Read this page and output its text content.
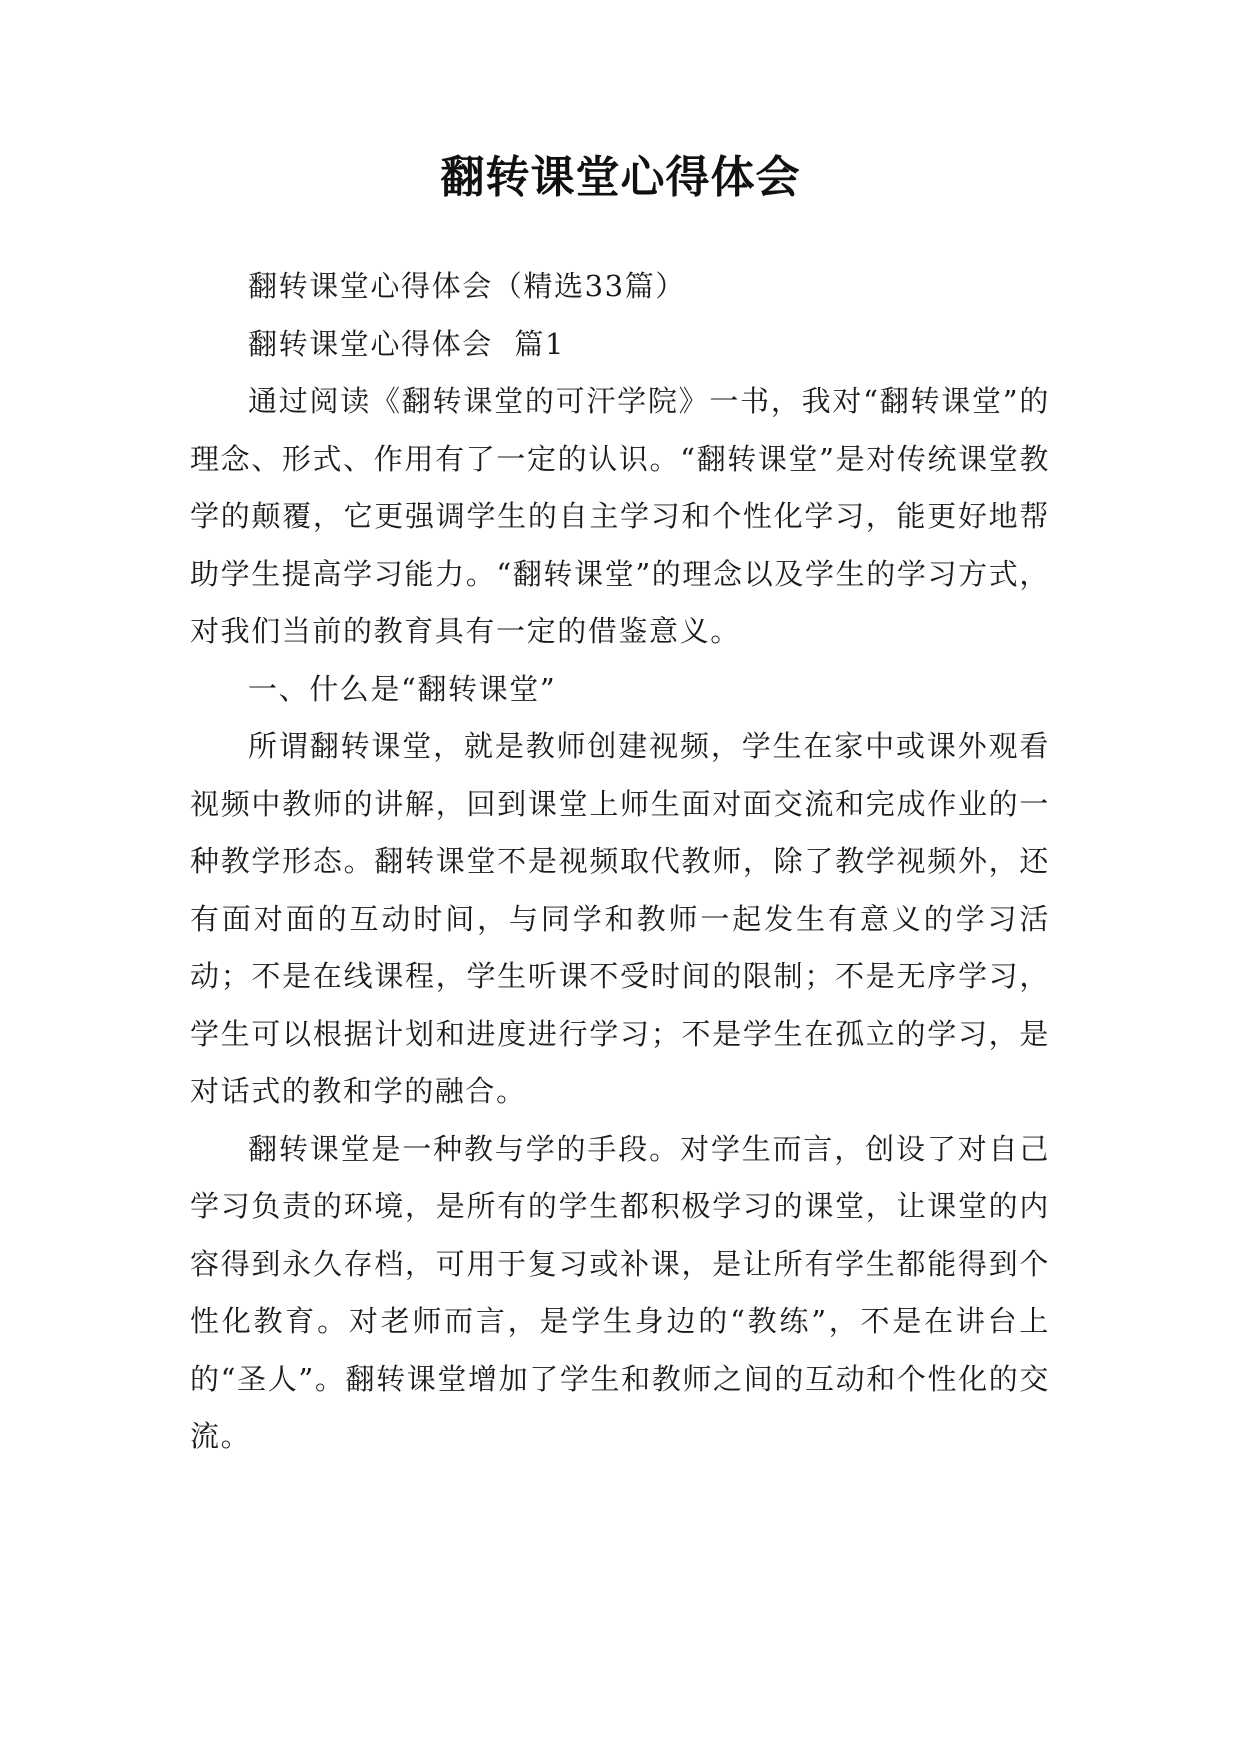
翻转课堂心得体会

翻转课堂心得体会（精选33篇）

翻转课堂心得体会  篇1

通过阅读《翻转课堂的可汗学院》一书，我对“翻转课堂”的理念、形式、作用有了一定的认识。“翻转课堂”是对传统课堂教学的颠覆，它更强调学生的自主学习和个性化学习，能更好地帮助学生提高学习能力。“翻转课堂”的理念以及学生的学习方式，对我们当前的教育具有一定的借鉴意义。

一、什么是“翻转课堂”

所谓翻转课堂，就是教师创建视频，学生在家中或课外观看视频中教师的讲解，回到课堂上师生面对面交流和完成作业的一种教学形态。翻转课堂不是视频取代教师，除了教学视频外，还有面对面的互动时间，与同学和教师一起发生有意义的学习活动；不是在线课程，学生听课不受时间的限制；不是无序学习，学生可以根据计划和进度进行学习；不是学生在孤立的学习，是对话式的教和学的融合。

翻转课堂是一种教与学的手段。对学生而言，创设了对自己学习负责的环境，是所有的学生都积极学习的课堂，让课堂的内容得到永久存档，可用于复习或补课，是让所有学生都能得到个性化教育。对老师而言，是学生身边的“教练”，不是在讲台上的“圣人”。翻转课堂增加了学生和教师之间的互动和个性化的交流。
